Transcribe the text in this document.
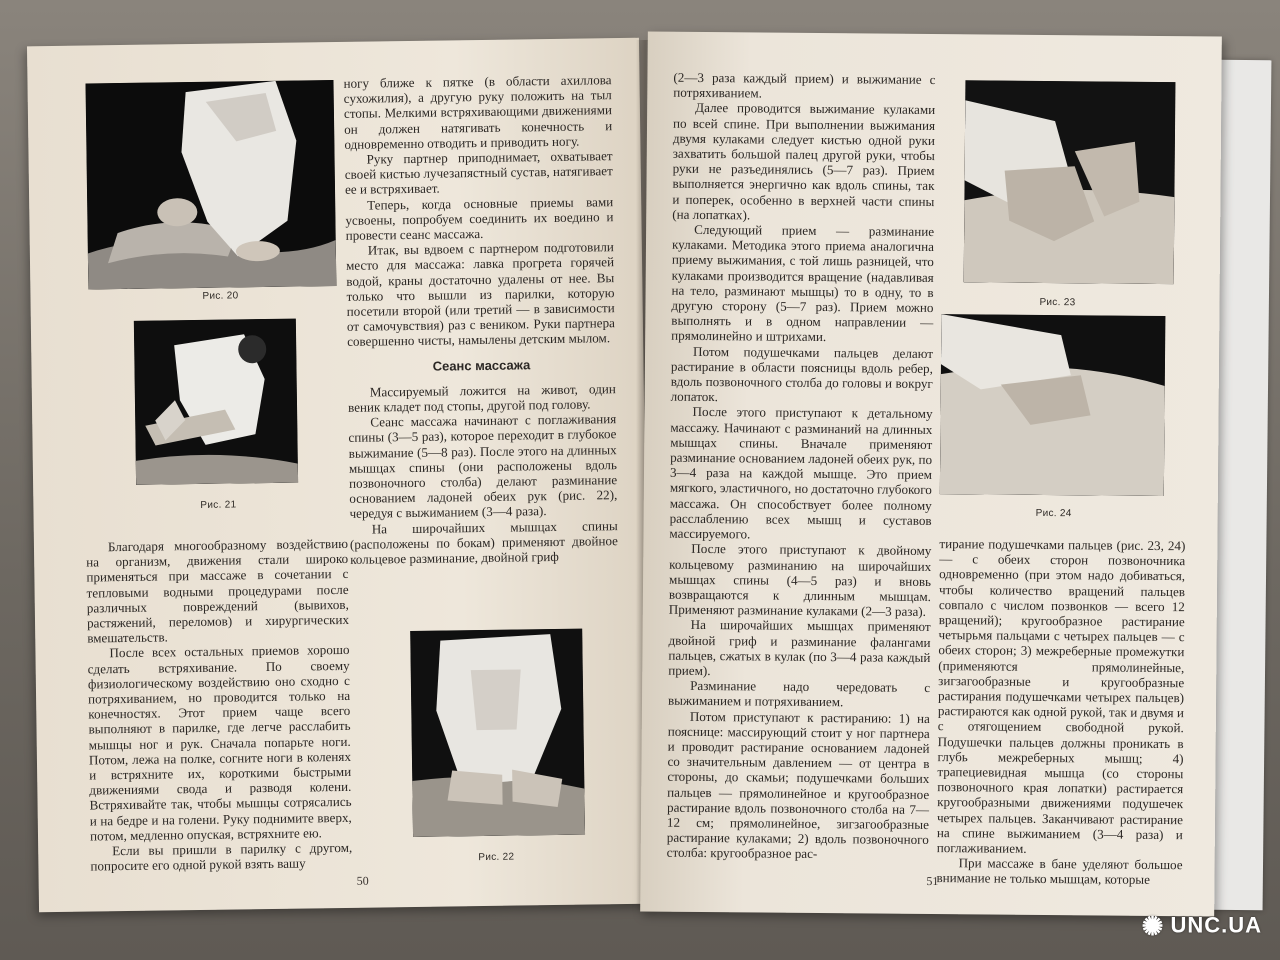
Рис. 20
Рис. 21
Рис. 22

ногу ближе к пятке (в области ахиллова сухожилия), а другую руку положить на тыл стопы. Мелкими встряхивающими движениями он должен натягивать конечность и одновременно отводить и приводить ногу.

Руку партнер приподнимает, охватывает своей кистью лучезапястный сустав, натягивает ее и встряхивает.

Теперь, когда основные приемы вами усвоены, попробуем соединить их воедино и провести сеанс массажа.

Итак, вы вдвоем с партнером подготовили место для массажа: лавка прогрета горячей водой, краны достаточно удалены от нее. Вы только что вышли из парилки, которую посетили второй (или третий — в зависимости от самочувствия) раз с веником. Руки партнера совершенно чисты, намылены детским мылом.

Сеанс массажа

Массируемый ложится на живот, один веник кладет под стопы, другой под голову.

Сеанс массажа начинают с поглаживания спины (3—5 раз), которое переходит в глубокое выжимание (5—8 раз). После этого на длинных мышцах спины (они расположены вдоль позвоночного столба) делают разминание основанием ладоней обеих рук (рис. 22), чередуя с выжиманием (3—4 раза).

На широчайших мышцах спины (расположены по бокам) применяют двойное кольцевое разминание, двойной гриф

Благодаря многообразному воздействию на организм, движения стали широко применяться при массаже в сочетании с тепловыми водными процедурами после различных повреждений (вывихов, растяжений, переломов) и хирургических вмешательств.

После всех остальных приемов хорошо сделать встряхивание. По своему физиологическому воздействию оно сходно с потряхиванием, но проводится только на конечностях. Этот прием чаще всего выполняют в парилке, где легче расслабить мышцы ног и рук. Сначала попарьте ноги. Потом, лежа на полке, согните ноги в коленях и встряхните их, короткими быстрыми движениями свода и разводя колени. Встряхивайте так, чтобы мышцы сотрясались и на бедре и на голени. Руку поднимите вверх, потом, медленно опуская, встряхните ею.

Если вы пришли в парилку с другом, попросите его одной рукой взять вашу

50
Рис. 23
Рис. 24

(2—3 раза каждый прием) и выжимание с потряхиванием.

Далее проводится выжимание кулаками по всей спине. При выполнении выжимания двумя кулаками следует кистью одной руки захватить большой палец другой руки, чтобы руки не разъединялись (5—7 раз). Прием выполняется энергично как вдоль спины, так и поперек, особенно в верхней части спины (на лопатках).

Следующий прием — разминание кулаками. Методика этого приема аналогична приему выжимания, с той лишь разницей, что кулаками производится вращение (надавливая на тело, разминают мышцы) то в одну, то в другую сторону (5—7 раз). Прием можно выполнять и в одном направлении — прямолинейно и штрихами.

Потом подушечками пальцев делают растирание в области поясницы вдоль ребер, вдоль позвоночного столба до головы и вокруг лопаток.

После этого приступают к детальному массажу. Начинают с разминаний на длинных мышцах спины. Вначале применяют разминание основанием ладоней обеих рук, по 3—4 раза на каждой мышце. Это прием мягкого, эластичного, но достаточно глубокого массажа. Он способствует более полному расслаблению всех мышц и суставов массируемого.

После этого приступают к двойному кольцевому разминанию на широчайших мышцах спины (4—5 раз) и вновь возвращаются к длинным мышцам. Применяют разминание кулаками (2—3 раза).

На широчайших мышцах применяют двойной гриф и разминание фалангами пальцев, сжатых в кулак (по 3—4 раза каждый прием).

Разминание надо чередовать с выжиманием и потряхиванием.

Потом приступают к растиранию: 1) на пояснице: массирующий стоит у ног партнера и проводит растирание основанием ладоней со значительным давлением — от центра в стороны, до скамьи; подушечками больших пальцев — прямолинейное и кругообразное растирание вдоль позвоночного столба на 7—12 см; прямолинейное, зигзагообразные растирание кулаками; 2) вдоль позвоночного столба: кругообразное рас-

тирание подушечками пальцев (рис. 23, 24) — с обеих сторон позвоночника одновременно (при этом надо добиваться, чтобы количество вращений пальцев совпало с числом позвонков — всего 12 вращений); кругообразное растирание четырьмя пальцами с четырех пальцев — с обеих сторон; 3) межреберные промежутки (применяются прямолинейные, зигзагообразные и кругообразные растирания подушечками четырех пальцев) растираются как одной рукой, так и двумя и с отягощением свободной рукой. Подушечки пальцев должны проникать в глубь межреберных мышц; 4) трапециевидная мышца (со стороны позвоночного края лопатки) растирается кругообразными движениями подушечек четырех пальцев. Заканчивают растирание на спине выжиманием (3—4 раза) и поглаживанием.

При массаже в бане уделяют большое внимание не только мышцам, которые

51
✺ UNC.UA
